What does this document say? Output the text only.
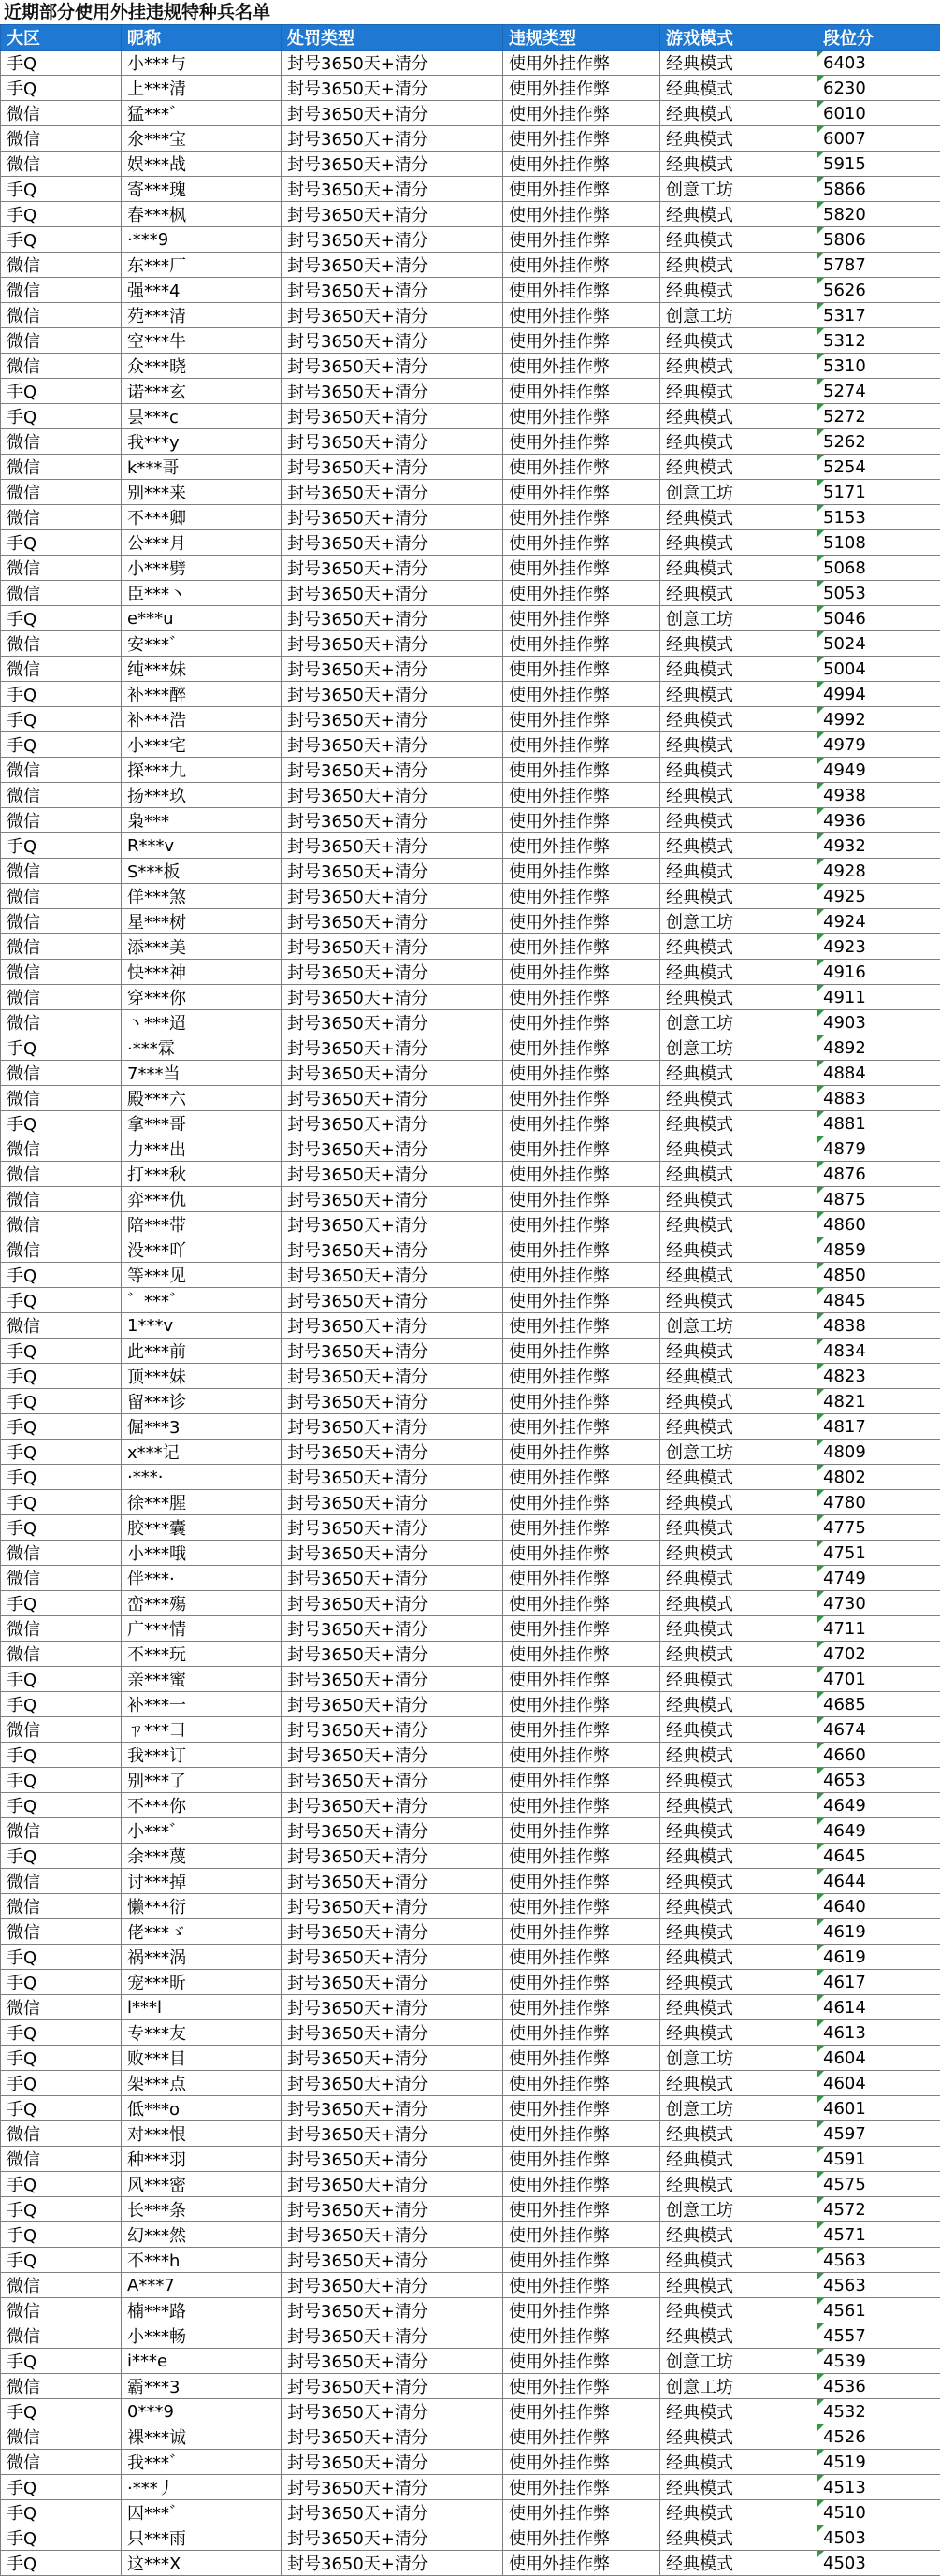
近期部分使用外挂违规特种兵名单
大区	昵称	处罚类型	违规类型	游戏模式	段位分
手Q	小***与	封号3650天+清分	使用外挂作弊	经典模式	6403
手Q	上***清	封号3650天+清分	使用外挂作弊	经典模式	6230
微信	猛***゛	封号3650天+清分	使用外挂作弊	经典模式	6010
微信	氽***宝	封号3650天+清分	使用外挂作弊	经典模式	6007
微信	娱***战	封号3650天+清分	使用外挂作弊	经典模式	5915
手Q	寄***瑰	封号3650天+清分	使用外挂作弊	创意工坊	5866
手Q	春***枫	封号3650天+清分	使用外挂作弊	经典模式	5820
手Q	·***9	封号3650天+清分	使用外挂作弊	经典模式	5806
微信	东***厂	封号3650天+清分	使用外挂作弊	经典模式	5787
微信	强***4	封号3650天+清分	使用外挂作弊	经典模式	5626
微信	苑***清	封号3650天+清分	使用外挂作弊	创意工坊	5317
微信	空***牛	封号3650天+清分	使用外挂作弊	经典模式	5312
微信	众***晓	封号3650天+清分	使用外挂作弊	经典模式	5310
手Q	诺***玄	封号3650天+清分	使用外挂作弊	经典模式	5274
手Q	昙***c	封号3650天+清分	使用外挂作弊	经典模式	5272
微信	我***y	封号3650天+清分	使用外挂作弊	经典模式	5262
微信	k***哥	封号3650天+清分	使用外挂作弊	经典模式	5254
微信	别***来	封号3650天+清分	使用外挂作弊	创意工坊	5171
微信	不***卿	封号3650天+清分	使用外挂作弊	经典模式	5153
手Q	公***月	封号3650天+清分	使用外挂作弊	经典模式	5108
微信	小***劈	封号3650天+清分	使用外挂作弊	经典模式	5068
微信	臣***丶	封号3650天+清分	使用外挂作弊	经典模式	5053
手Q	e***u	封号3650天+清分	使用外挂作弊	创意工坊	5046
微信	安***゛	封号3650天+清分	使用外挂作弊	经典模式	5024
微信	纯***妹	封号3650天+清分	使用外挂作弊	经典模式	5004
手Q	补***醉	封号3650天+清分	使用外挂作弊	经典模式	4994
手Q	补***浩	封号3650天+清分	使用外挂作弊	经典模式	4992
手Q	小***宅	封号3650天+清分	使用外挂作弊	经典模式	4979
微信	探***九	封号3650天+清分	使用外挂作弊	经典模式	4949
微信	扬***玖	封号3650天+清分	使用外挂作弊	经典模式	4938
微信	枭***	封号3650天+清分	使用外挂作弊	经典模式	4936
手Q	R***v	封号3650天+清分	使用外挂作弊	经典模式	4932
微信	S***板	封号3650天+清分	使用外挂作弊	经典模式	4928
微信	佯***煞	封号3650天+清分	使用外挂作弊	经典模式	4925
微信	星***树	封号3650天+清分	使用外挂作弊	创意工坊	4924
微信	添***美	封号3650天+清分	使用外挂作弊	经典模式	4923
微信	快***神	封号3650天+清分	使用外挂作弊	经典模式	4916
微信	穿***你	封号3650天+清分	使用外挂作弊	经典模式	4911
微信	丶***迢	封号3650天+清分	使用外挂作弊	创意工坊	4903
手Q	·***霖	封号3650天+清分	使用外挂作弊	创意工坊	4892
微信	7***当	封号3650天+清分	使用外挂作弊	经典模式	4884
微信	殿***六	封号3650天+清分	使用外挂作弊	经典模式	4883
手Q	拿***哥	封号3650天+清分	使用外挂作弊	经典模式	4881
微信	力***出	封号3650天+清分	使用外挂作弊	经典模式	4879
微信	打***秋	封号3650天+清分	使用外挂作弊	经典模式	4876
微信	弈***仇	封号3650天+清分	使用外挂作弊	经典模式	4875
微信	陪***带	封号3650天+清分	使用外挂作弊	经典模式	4860
微信	没***吖	封号3650天+清分	使用外挂作弊	经典模式	4859
手Q	等***见	封号3650天+清分	使用外挂作弊	经典模式	4850
手Q	゛***゛	封号3650天+清分	使用外挂作弊	经典模式	4845
微信	1***v	封号3650天+清分	使用外挂作弊	创意工坊	4838
手Q	此***前	封号3650天+清分	使用外挂作弊	经典模式	4834
手Q	顶***妹	封号3650天+清分	使用外挂作弊	经典模式	4823
手Q	留***诊	封号3650天+清分	使用外挂作弊	经典模式	4821
手Q	倔***3	封号3650天+清分	使用外挂作弊	经典模式	4817
手Q	x***记	封号3650天+清分	使用外挂作弊	创意工坊	4809
手Q	·***·	封号3650天+清分	使用外挂作弊	经典模式	4802
手Q	徐***腥	封号3650天+清分	使用外挂作弊	经典模式	4780
手Q	胶***囊	封号3650天+清分	使用外挂作弊	经典模式	4775
微信	小***哦	封号3650天+清分	使用外挂作弊	经典模式	4751
微信	伴***·	封号3650天+清分	使用外挂作弊	经典模式	4749
手Q	峦***殤	封号3650天+清分	使用外挂作弊	经典模式	4730
微信	广***情	封号3650天+清分	使用外挂作弊	经典模式	4711
微信	不***玩	封号3650天+清分	使用外挂作弊	经典模式	4702
手Q	亲***蜜	封号3650天+清分	使用外挂作弊	经典模式	4701
手Q	补***一	封号3650天+清分	使用外挂作弊	经典模式	4685
微信	ㄗ***彐	封号3650天+清分	使用外挂作弊	经典模式	4674
手Q	我***订	封号3650天+清分	使用外挂作弊	经典模式	4660
手Q	别***了	封号3650天+清分	使用外挂作弊	经典模式	4653
手Q	不***你	封号3650天+清分	使用外挂作弊	经典模式	4649
微信	小***゛	封号3650天+清分	使用外挂作弊	经典模式	4649
手Q	余***蔑	封号3650天+清分	使用外挂作弊	经典模式	4645
微信	讨***掉	封号3650天+清分	使用外挂作弊	经典模式	4644
微信	懒***衍	封号3650天+清分	使用外挂作弊	经典模式	4640
微信	佬***ゞ	封号3650天+清分	使用外挂作弊	经典模式	4619
手Q	祸***涡	封号3650天+清分	使用外挂作弊	经典模式	4619
手Q	宠***昕	封号3650天+清分	使用外挂作弊	经典模式	4617
微信	l***l	封号3650天+清分	使用外挂作弊	经典模式	4614
手Q	专***友	封号3650天+清分	使用外挂作弊	经典模式	4613
手Q	败***目	封号3650天+清分	使用外挂作弊	创意工坊	4604
手Q	架***点	封号3650天+清分	使用外挂作弊	经典模式	4604
手Q	低***o	封号3650天+清分	使用外挂作弊	创意工坊	4601
微信	对***恨	封号3650天+清分	使用外挂作弊	经典模式	4597
微信	种***羽	封号3650天+清分	使用外挂作弊	经典模式	4591
手Q	风***密	封号3650天+清分	使用外挂作弊	经典模式	4575
手Q	长***条	封号3650天+清分	使用外挂作弊	创意工坊	4572
手Q	幻***然	封号3650天+清分	使用外挂作弊	经典模式	4571
手Q	不***h	封号3650天+清分	使用外挂作弊	经典模式	4563
微信	A***7	封号3650天+清分	使用外挂作弊	经典模式	4563
微信	楠***路	封号3650天+清分	使用外挂作弊	经典模式	4561
微信	小***畅	封号3650天+清分	使用外挂作弊	经典模式	4557
手Q	i***e	封号3650天+清分	使用外挂作弊	创意工坊	4539
微信	霸***3	封号3650天+清分	使用外挂作弊	创意工坊	4536
手Q	0***9	封号3650天+清分	使用外挂作弊	经典模式	4532
微信	裸***诚	封号3650天+清分	使用外挂作弊	经典模式	4526
微信	我***゛	封号3650天+清分	使用外挂作弊	经典模式	4519
手Q	·***丿	封号3650天+清分	使用外挂作弊	经典模式	4513
手Q	囚***゛	封号3650天+清分	使用外挂作弊	经典模式	4510
手Q	只***雨	封号3650天+清分	使用外挂作弊	经典模式	4503
手Q	这***X	封号3650天+清分	使用外挂作弊	经典模式	4503
